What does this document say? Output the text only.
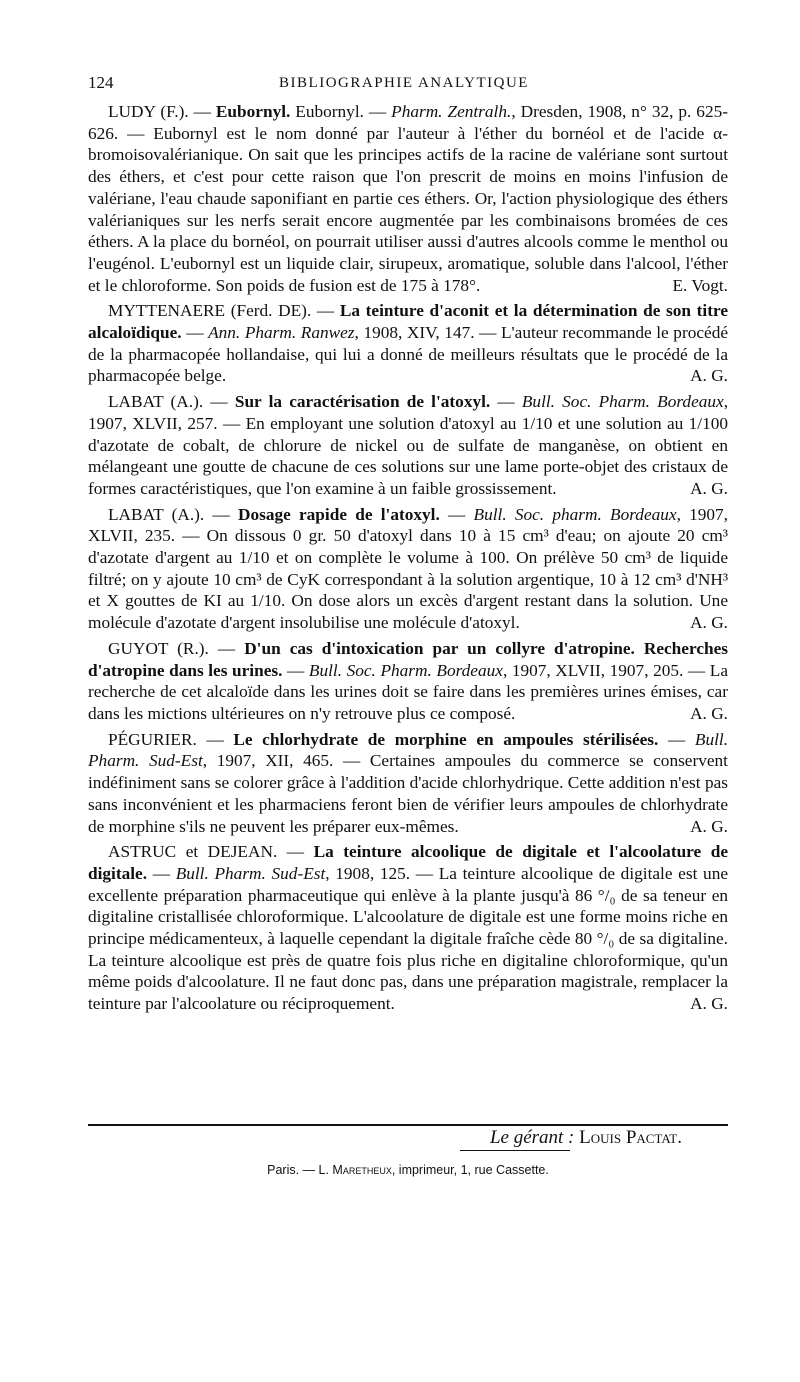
124	BIBLIOGRAPHIE ANALYTIQUE

LUDY (F.). — Eubornyl. Eubornyl. — Pharm. Zentralh., Dresden, 1908, n° 32, p. 625-626. — Eubornyl est le nom donné par l'auteur à l'éther du bornéol et de l'acide α-bromoisovalérianique. On sait que les principes actifs de la racine de valériane sont surtout des éthers, et c'est pour cette raison que l'on prescrit de moins en moins l'infusion de valériane, l'eau chaude saponifiant en partie ces éthers. Or, l'action physiologique des éthers valérianiques sur les nerfs serait encore augmentée par les combinaisons bromées de ces éthers. A la place du bornéol, on pourrait utiliser aussi d'autres alcools comme le menthol ou l'eugénol. L'eubornyl est un liquide clair, sirupeux, aromatique, soluble dans l'alcool, l'éther et le chloroforme. Son poids de fusion est de 175 à 178°.	E. Vogt.

MYTTENAERE (Ferd. DE). — La teinture d'aconit et la détermination de son titre alcaloïdique. — Ann. Pharm. Ranwez, 1908, XIV, 147. — L'auteur recommande le procédé de la pharmacopée hollandaise, qui lui a donné de meilleurs résultats que le procédé de la pharmacopée belge.	A. G.

LABAT (A.). — Sur la caractérisation de l'atoxyl. — Bull. Soc. Pharm. Bordeaux, 1907, XLVII, 257. — En employant une solution d'atoxyl au 1/10 et une solution au 1/100 d'azotate de cobalt, de chlorure de nickel ou de sulfate de manganèse, on obtient en mélangeant une goutte de chacune de ces solutions sur une lame porte-objet des cristaux de formes caractéristiques, que l'on examine à un faible grossissement.	A. G.

LABAT (A.). — Dosage rapide de l'atoxyl. — Bull. Soc. pharm. Bordeaux, 1907, XLVII, 235. — On dissous 0 gr. 50 d'atoxyl dans 10 à 15 cm³ d'eau; on ajoute 20 cm³ d'azotate d'argent au 1/10 et on complète le volume à 100. On prélève 50 cm³ de liquide filtré; on y ajoute 10 cm³ de CyK correspondant à la solution argentique, 10 à 12 cm³ d'NH³ et X gouttes de KI au 1/10. On dose alors un excès d'argent restant dans la solution. Une molécule d'azotate d'argent insolubilise une molécule d'atoxyl.	A. G.

GUYOT (R.). — D'un cas d'intoxication par un collyre d'atropine. Recherches d'atropine dans les urines. — Bull. Soc. Pharm. Bordeaux, 1907, XLVII, 1907, 205. — La recherche de cet alcaloïde dans les urines doit se faire dans les premières urines émises, car dans les mictions ultérieures on n'y retrouve plus ce composé.	A. G.

PÉGURIER. — Le chlorhydrate de morphine en ampoules stérilisées. — Bull. Pharm. Sud-Est, 1907, XII, 465. — Certaines ampoules du commerce se conservent indéfiniment sans se colorer grâce à l'addition d'acide chlorhydrique. Cette addition n'est pas sans inconvénient et les pharmaciens feront bien de vérifier leurs ampoules de chlorhydrate de morphine s'ils ne peuvent les préparer eux-mêmes.	A. G.

ASTRUC et DEJEAN. — La teinture alcoolique de digitale et l'alcoolature de digitale. — Bull. Pharm. Sud-Est, 1908, 125. — La teinture alcoolique de digitale est une excellente préparation pharmaceutique qui enlève à la plante jusqu'à 86 °/₀ de sa teneur en digitaline cristallisée chloroformique. L'alcoolature de digitale est une forme moins riche en principe médicamenteux, à laquelle cependant la digitale fraîche cède 80 °/₀ de sa digitaline. La teinture alcoolique est près de quatre fois plus riche en digitaline chloroformique, qu'un même poids d'alcoolature. Il ne faut donc pas, dans une préparation magistrale, remplacer la teinture par l'alcoolature ou réciproquement.	A. G.

Le gérant : Louis Pactat.
Paris. — L. Maretheux, imprimeur, 1, rue Cassette.
